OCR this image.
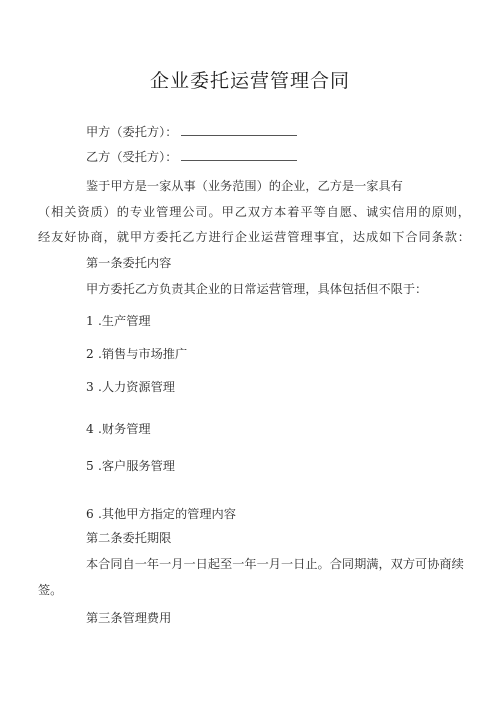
企业委托运营管理合同
甲方（委托方）：
乙方（受托方）：
鉴于甲方是一家从事（业务范围）的企业，乙方是一家具有
（相关资质）的专业管理公司。甲乙双方本着平等自愿、诚实信用的原则，
经友好协商，就甲方委托乙方进行企业运营管理事宜，达成如下合同条款：
第一条委托内容
甲方委托乙方负责其企业的日常运营管理，具体包括但不限于：
1 .生产管理
2 .销售与市场推广
3 .人力资源管理
4 .财务管理
5 .客户服务管理
6 .其他甲方指定的管理内容
第二条委托期限
本合同自一年一月一日起至一年一月一日止。合同期满，双方可协商续
签。
第三条管理费用
